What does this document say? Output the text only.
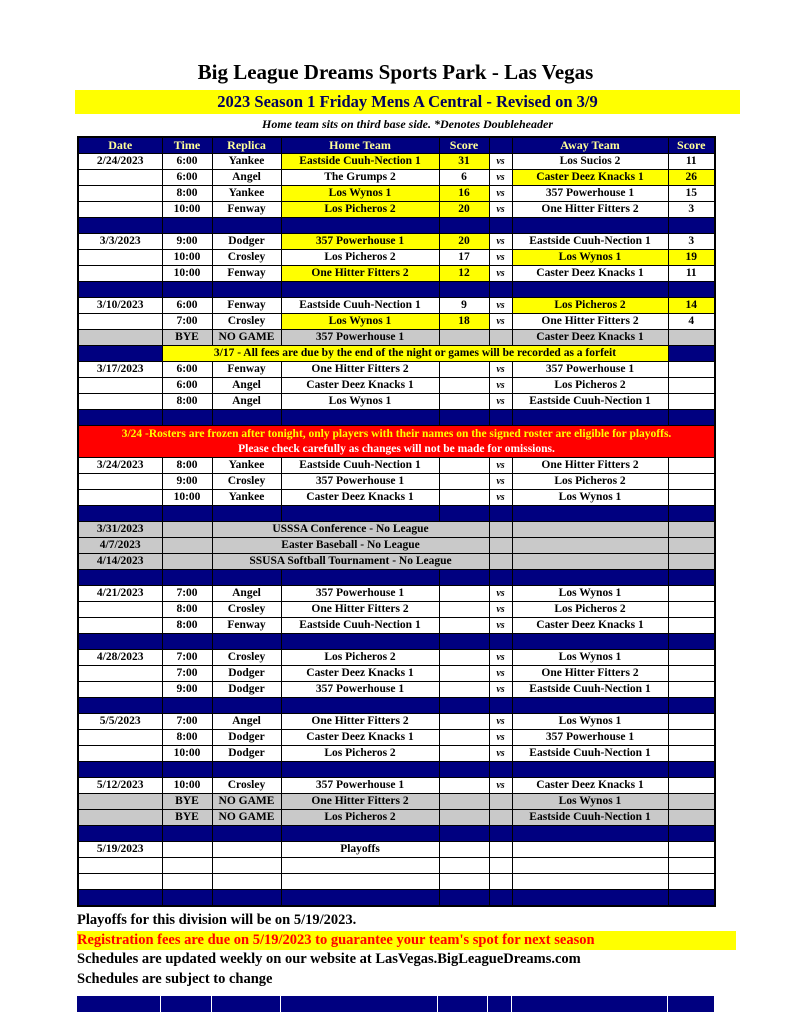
Big League Dreams Sports Park - Las Vegas
2023 Season 1 Friday Mens A Central - Revised on 3/9
Home team sits on third base side. *Denotes Doubleheader
Date	Time	Replica	Home Team	Score		Away Team	Score
2/24/2023	6:00	Yankee	Eastside Cuuh-Nection 1	31	vs	Los Sucios 2	11
	6:00	Angel	The Grumps 2	6	vs	Caster Deez Knacks 1	26
	8:00	Yankee	Los Wynos 1	16	vs	357 Powerhouse 1	15
	10:00	Fenway	Los Picheros 2	20	vs	One Hitter Fitters 2	3

3/3/2023	9:00	Dodger	357 Powerhouse 1	20	vs	Eastside Cuuh-Nection 1	3
	10:00	Crosley	Los Picheros 2	17	vs	Los Wynos 1	19
	10:00	Fenway	One Hitter Fitters 2	12	vs	Caster Deez Knacks 1	11

3/10/2023	6:00	Fenway	Eastside Cuuh-Nection 1	9	vs	Los Picheros 2	14
	7:00	Crosley	Los Wynos 1	18	vs	One Hitter Fitters 2	4
	BYE	NO GAME	357 Powerhouse 1			Caster Deez Knacks 1	
	3/17 - All fees are due by the end of the night or games will be recorded as a forfeit						
3/17/2023	6:00	Fenway	One Hitter Fitters 2		vs	357 Powerhouse 1	
	6:00	Angel	Caster Deez Knacks 1		vs	Los Picheros 2	
	8:00	Angel	Los Wynos 1		vs	Eastside Cuuh-Nection 1	

3/24 -Rosters are frozen after tonight, only players with their names on the signed roster are eligible for playoffs.
Please check carefully as changes will not be made for omissions.							

3/24/2023	8:00	Yankee	Eastside Cuuh-Nection 1		vs	One Hitter Fitters 2	
	9:00	Crosley	357 Powerhouse 1		vs	Los Picheros 2	
	10:00	Yankee	Caster Deez Knacks 1		vs	Los Wynos 1	

3/31/2023		USSSA Conference - No League					
4/7/2023		Easter Baseball - No League					
4/14/2023		SSUSA Softball Tournament - No League					

4/21/2023	7:00	Angel	357 Powerhouse 1		vs	Los Wynos 1	
	8:00	Crosley	One Hitter Fitters 2		vs	Los Picheros 2	
	8:00	Fenway	Eastside Cuuh-Nection 1		vs	Caster Deez Knacks 1	

4/28/2023	7:00	Crosley	Los Picheros 2		vs	Los Wynos 1	
	7:00	Dodger	Caster Deez Knacks 1		vs	One Hitter Fitters 2	
	9:00	Dodger	357 Powerhouse 1		vs	Eastside Cuuh-Nection 1	

5/5/2023	7:00	Angel	One Hitter Fitters 2		vs	Los Wynos 1	
	8:00	Dodger	Caster Deez Knacks 1		vs	357 Powerhouse 1	
	10:00	Dodger	Los Picheros 2		vs	Eastside Cuuh-Nection 1	

5/12/2023	10:00	Crosley	357 Powerhouse 1		vs	Caster Deez Knacks 1	
	BYE	NO GAME	One Hitter Fitters 2			Los Wynos 1	
	BYE	NO GAME	Los Picheros 2			Eastside Cuuh-Nection 1	

5/19/2023			Playoffs				

Playoffs for this division will be on 5/19/2023.
Registration fees are due on 5/19/2023 to guarantee your team's spot for next season
Schedules are updated weekly on our website at LasVegas.BigLeagueDreams.com
Schedules are subject to change
